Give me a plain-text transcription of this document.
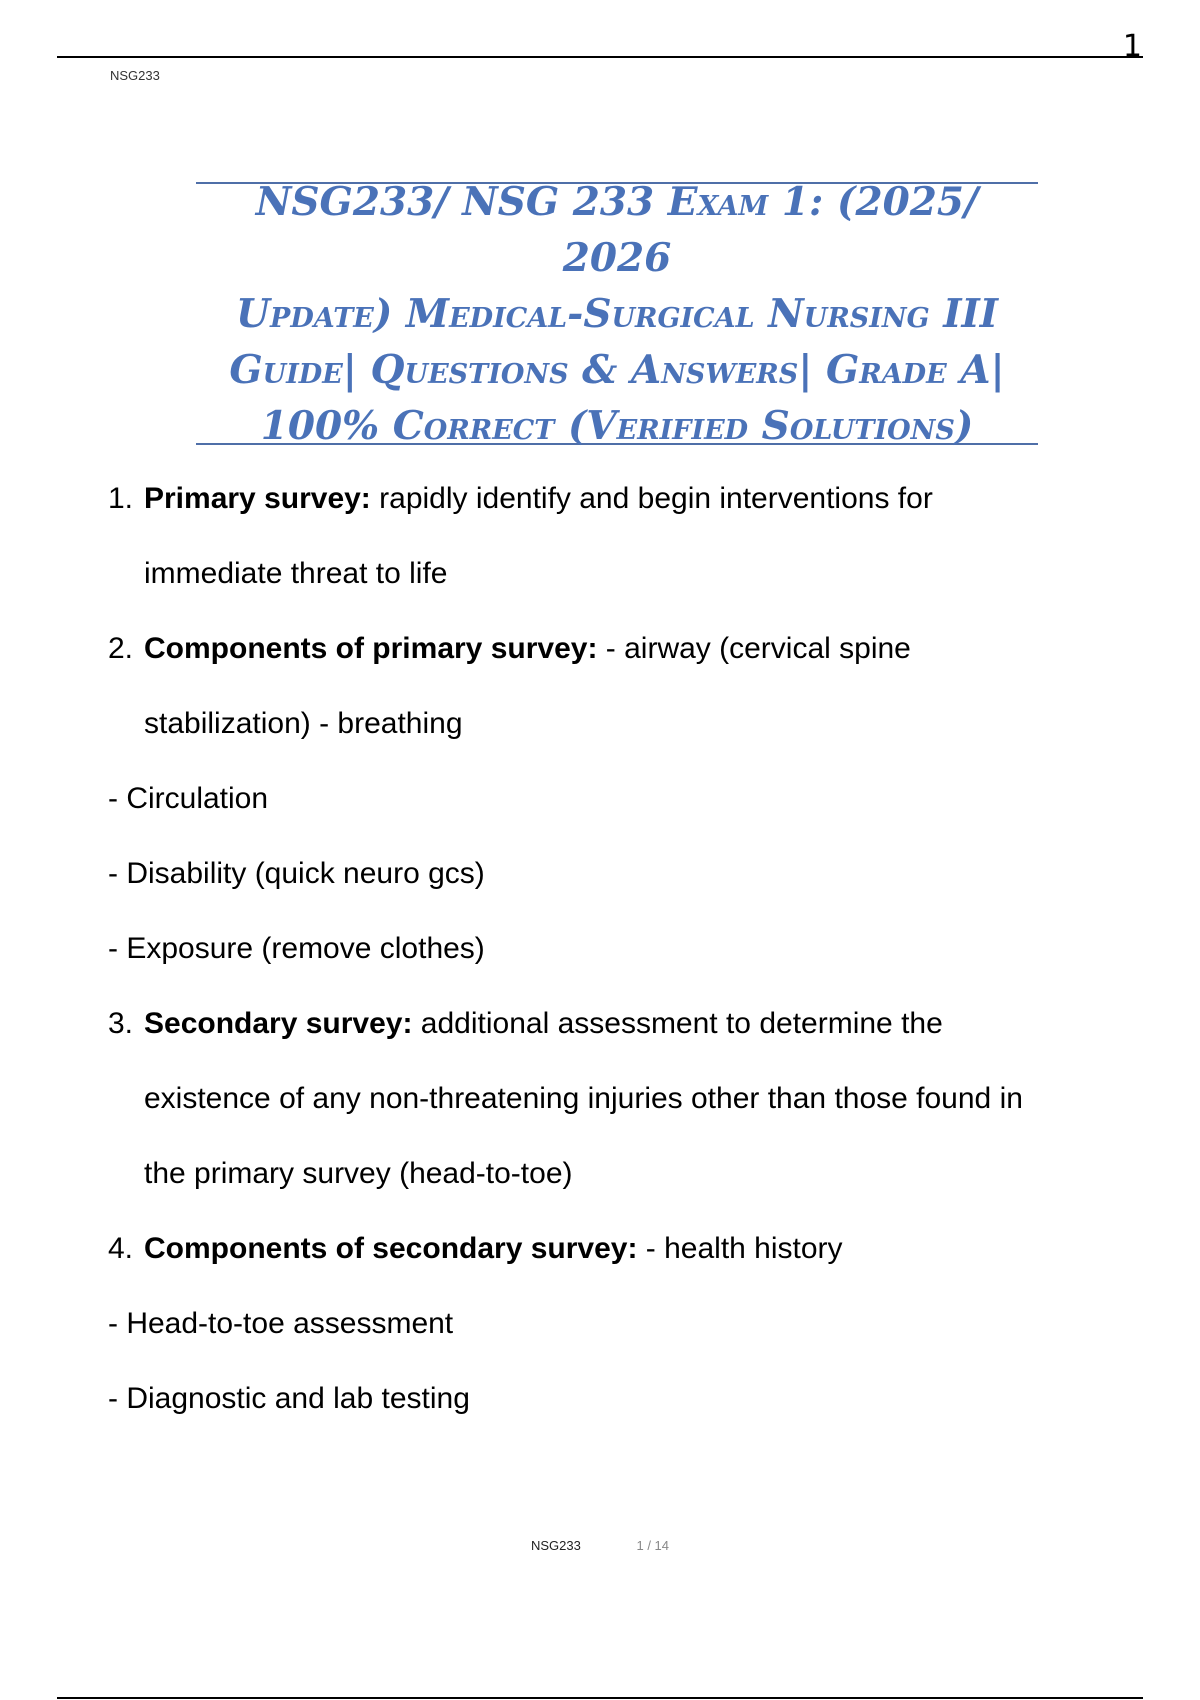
1
NSG233
NSG233/ NSG 233 Exam 1: (2025/ 2026
Update) Medical-Surgical Nursing III
Guide| Questions & Answers| Grade A|
100% Correct (Verified Solutions)
1. Primary survey: rapidly identify and begin interventions for
immediate threat to life
2. Components of primary survey: - airway (cervical spine
stabilization) - breathing
- Circulation
- Disability (quick neuro gcs)
- Exposure (remove clothes)
3. Secondary survey: additional assessment to determine the
existence of any non-threatening injuries other than those found in
the primary survey (head-to-toe)
4. Components of secondary survey: - health history
- Head-to-toe assessment
- Diagnostic and lab testing
NSG233	1 / 14
